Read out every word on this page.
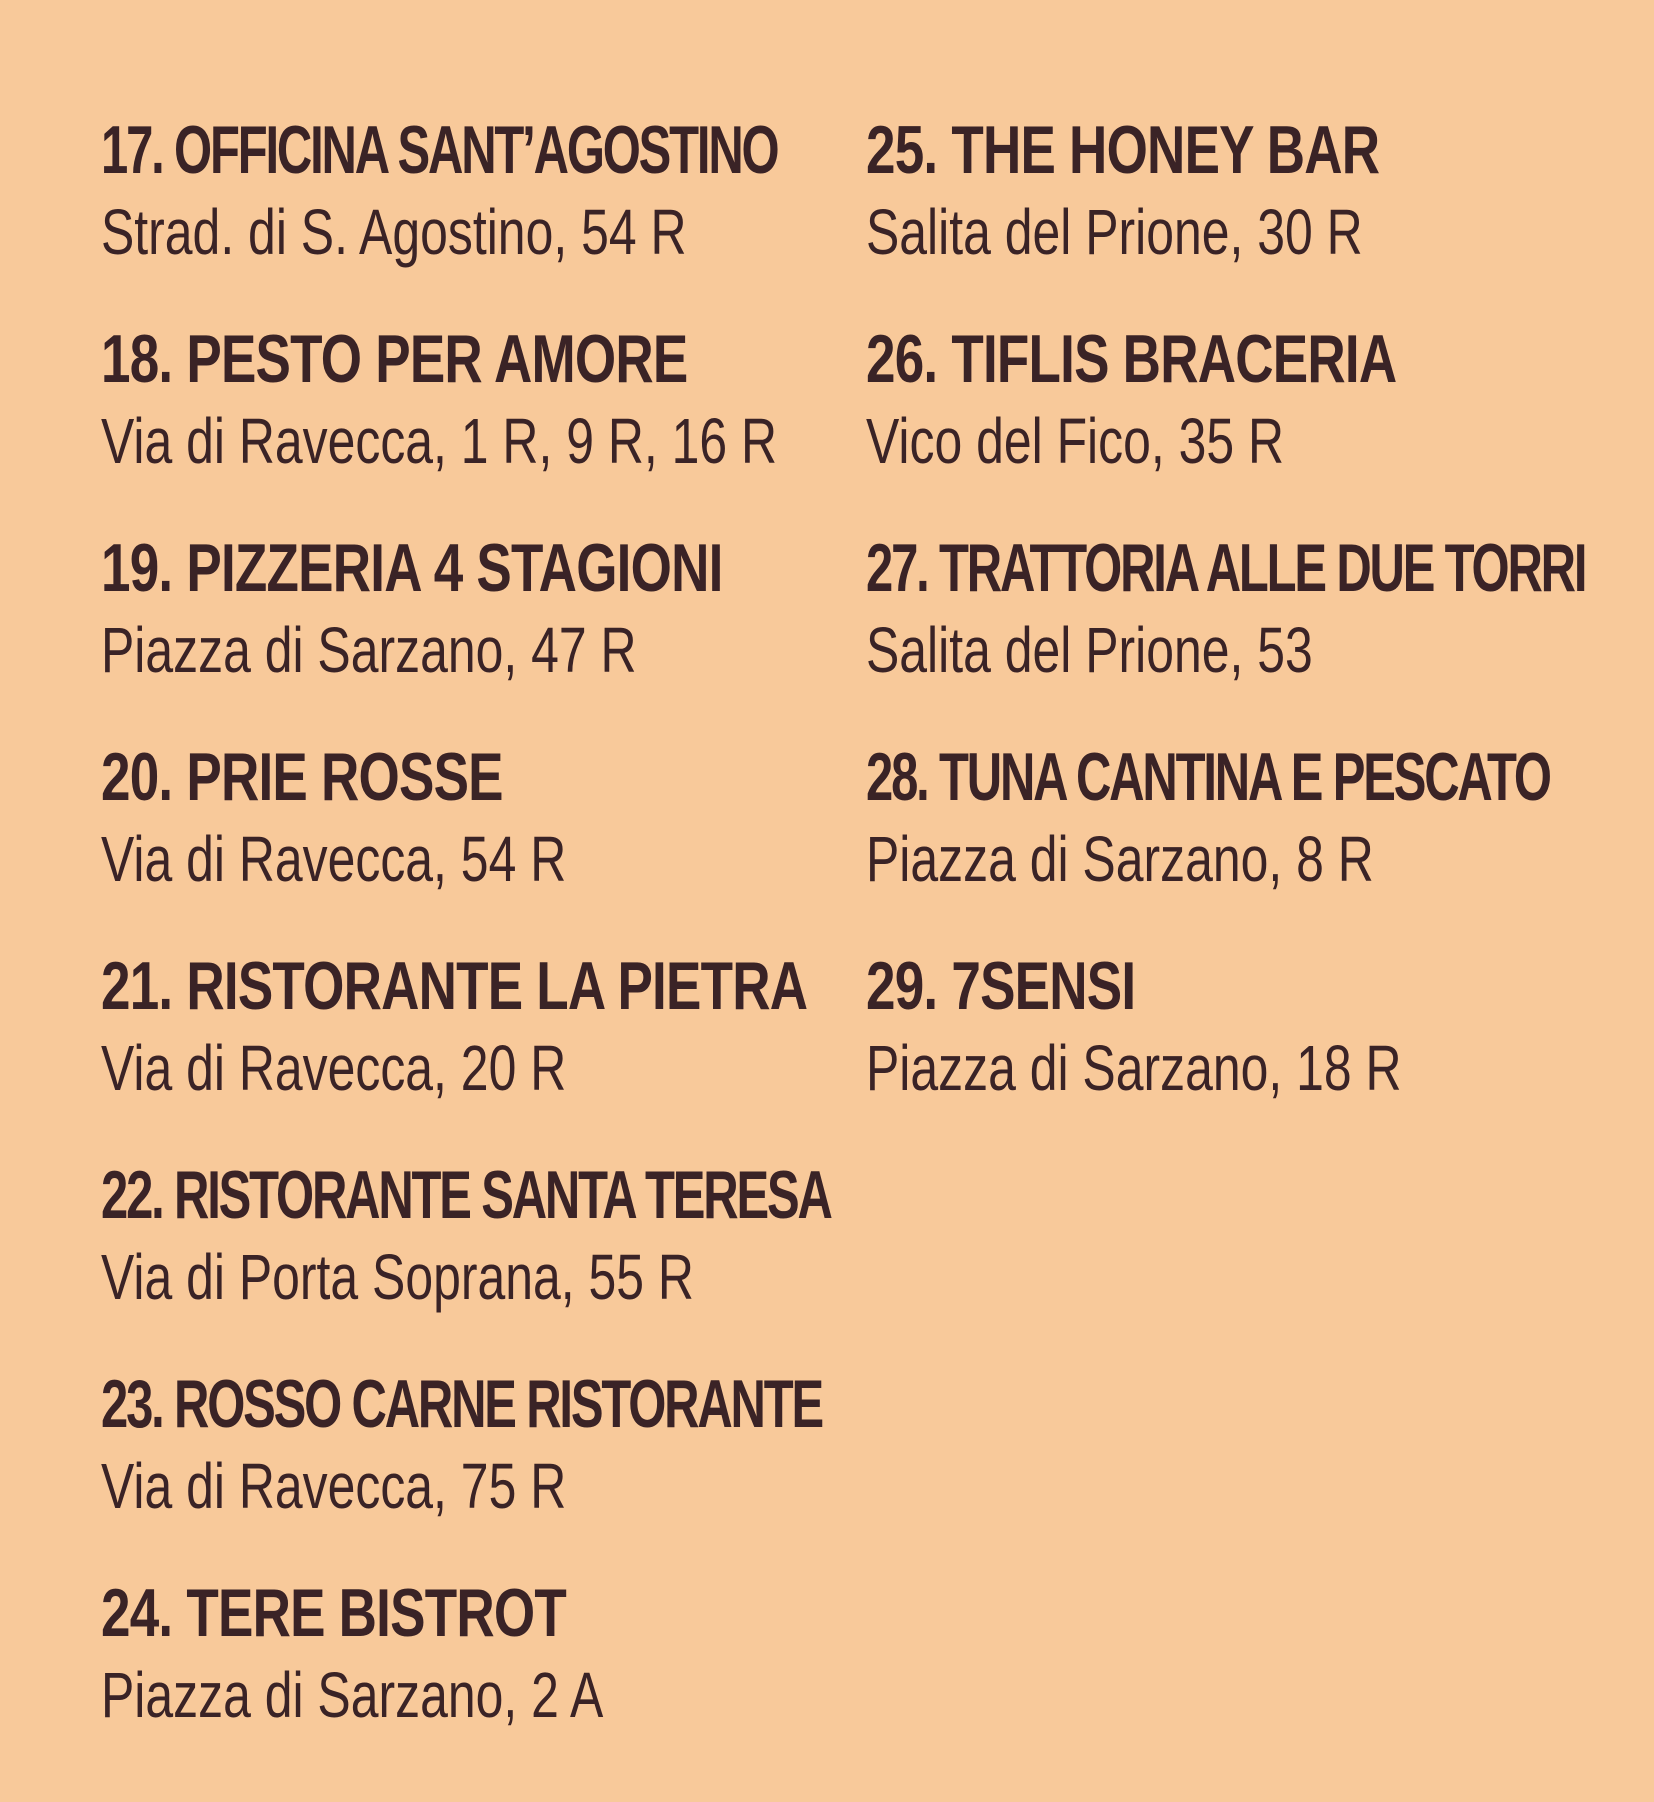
17. OFFICINA SANT’AGOSTINO
Strad. di S. Agostino, 54 R
18. PESTO PER AMORE
Via di Ravecca, 1 R, 9 R, 16 R
19. PIZZERIA 4 STAGIONI
Piazza di Sarzano, 47 R
20. PRIE ROSSE
Via di Ravecca, 54 R
21. RISTORANTE LA PIETRA
Via di Ravecca, 20 R
22. RISTORANTE SANTA TERESA
Via di Porta Soprana, 55 R
23. ROSSO CARNE RISTORANTE
Via di Ravecca, 75 R
24. TERE BISTROT
Piazza di Sarzano, 2 A
25. THE HONEY BAR
Salita del Prione, 30 R
26. TIFLIS BRACERIA
Vico del Fico, 35 R
27. TRATTORIA ALLE DUE TORRI
Salita del Prione, 53
28. TUNA CANTINA E PESCATO
Piazza di Sarzano, 8 R
29. 7SENSI
Piazza di Sarzano, 18 R
